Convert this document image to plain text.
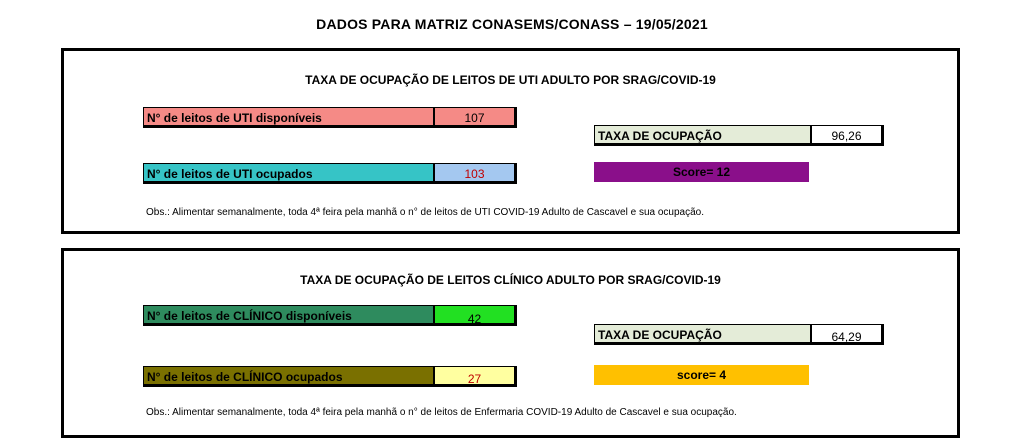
DADOS PARA MATRIZ CONASEMS/CONASS – 19/05/2021
TAXA DE OCUPAÇÃO DE LEITOS DE UTI ADULTO POR SRAG/COVID-19
N° de leitos de UTI disponíveis	107
N° de leitos de UTI ocupados	103
TAXA DE OCUPAÇÃO	96,26
Score= 12
Obs.: Alimentar semanalmente, toda 4ª feira pela manhã o n° de leitos de UTI COVID-19 Adulto de Cascavel e sua ocupação.
TAXA DE OCUPAÇÃO DE LEITOS CLÍNICO ADULTO POR SRAG/COVID-19
N° de leitos de CLÍNICO disponíveis	42
N° de leitos de CLÍNICO ocupados	27
TAXA DE OCUPAÇÃO	64,29
score= 4
Obs.: Alimentar semanalmente, toda 4ª feira pela manhã o n° de leitos de Enfermaria COVID-19 Adulto de Cascavel e sua ocupação.
